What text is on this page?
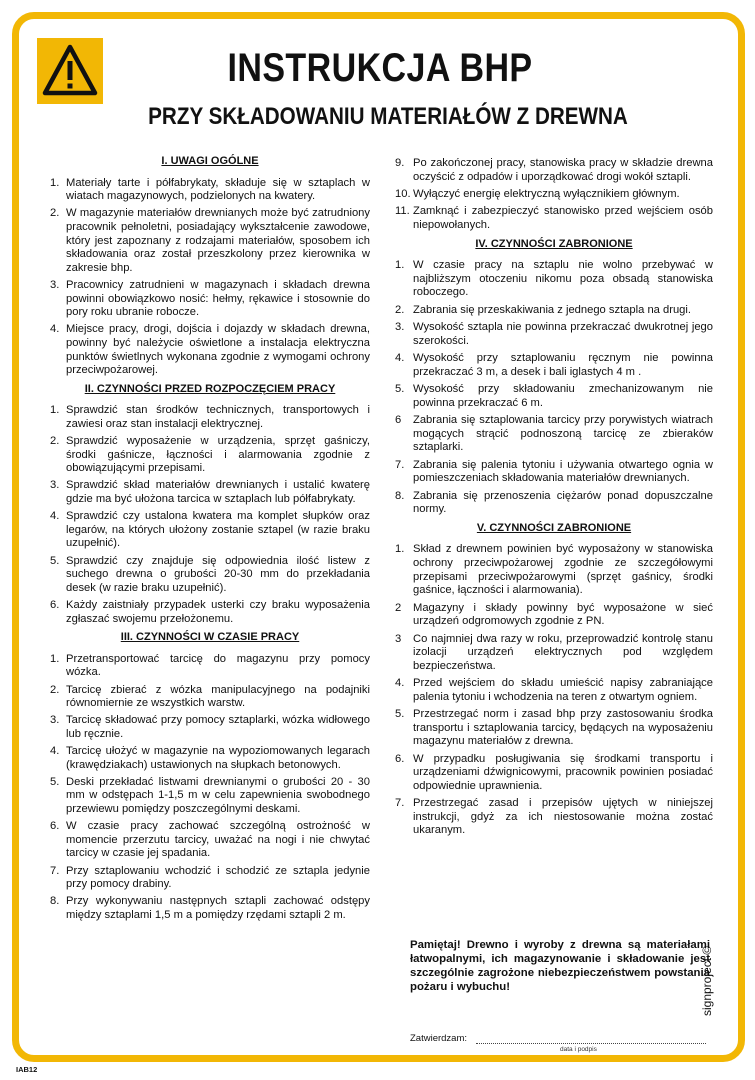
INSTRUKCJA BHP
PRZY SKŁADOWANIU MATERIAŁÓW Z DREWNA
I. UWAGI OGÓLNE
1. Materiały tarte i półfabrykaty, składuje się w sztaplach w wiatach magazynowych, podzielonych na kwatery.
2. W magazynie materiałów drewnianych może być zatrudniony pracownik pełnoletni, posiadający wykształcenie zawodowe, który jest zapoznany z rodzajami materiałów, sposobem ich składowania oraz został przeszkolony przez kierownika w zakresie bhp.
3. Pracownicy zatrudnieni w magazynach i składach drewna powinni obowiązkowo nosić: hełmy, rękawice i stosownie do pory roku ubranie robocze.
4. Miejsce pracy, drogi, dojścia i dojazdy w składach drewna, powinny być należycie oświetlone a instalacja elektryczna punktów świetlnych wykonana zgodnie z wymogami ochrony przeciwpożarowej.
II. CZYNNOŚCI PRZED ROZPOCZĘCIEM PRACY
1. Sprawdzić stan środków technicznych, transportowych i zawiesi oraz stan instalacji elektrycznej.
2. Sprawdzić wyposażenie w urządzenia, sprzęt gaśniczy, środki gaśnicze, łączności i alarmowania zgodnie z obowiązującymi przepisami.
3. Sprawdzić skład materiałów drewnianych i ustalić kwaterę gdzie ma być ułożona tarcica w sztaplach lub półfabrykaty.
4. Sprawdzić czy ustalona kwatera ma komplet słupków oraz legarów, na których ułożony zostanie sztapel (w razie braku uzupełnić).
5. Sprawdzić czy znajduje się odpowiednia ilość listew z suchego drewna o grubości 20-30 mm do przekładania desek (w razie braku uzupełnić).
6. Każdy zaistniały przypadek usterki czy braku wyposażenia zgłaszać swojemu przełożonemu.
III. CZYNNOŚCI W CZASIE PRACY
1. Przetransportować tarcicę do magazynu przy pomocy wózka.
2. Tarcicę zbierać z wózka manipulacyjnego na podajniki równomiernie ze wszystkich warstw.
3. Tarcicę składować przy pomocy sztaplarki, wózka widłowego lub ręcznie.
4. Tarcicę ułożyć w magazynie na wypoziomowanych legarach (krawędziakach) ustawionych na słupkach betonowych.
5. Deski przekładać listwami drewnianymi o grubości 20 - 30 mm w odstępach 1-1,5 m w celu zapewnienia swobodnego przewiewu pomiędzy poszczególnymi deskami.
6. W czasie pracy zachować szczególną ostrożność w momencie przerzutu tarcicy, uważać na nogi i nie chwytać tarcicy w czasie jej spadania.
7. Przy sztaplowaniu wchodzić i schodzić ze sztapla jedynie przy pomocy drabiny.
8. Przy wykonywaniu następnych sztapli zachować odstępy między sztaplami 1,5 m a pomiędzy rzędami sztapli 2 m.
9. Po zakończonej pracy, stanowiska pracy w składzie drewna oczyścić z odpadów i uporządkować drogi wokół sztapli.
10. Wyłączyć energię elektryczną wyłącznikiem głównym.
11. Zamknąć i zabezpieczyć stanowisko przed wejściem osób niepowołanych.
IV. CZYNNOŚCI ZABRONIONE
1. W czasie pracy na sztaplu nie wolno przebywać w najbliższym otoczeniu nikomu poza obsadą stanowiska roboczego.
2. Zabrania się przeskakiwania z jednego sztapla na drugi.
3. Wysokość sztapla nie powinna przekraczać dwukrotnej jego szerokości.
4. Wysokość przy sztaplowaniu ręcznym nie powinna przekraczać 3 m, a desek i bali iglastych 4 m .
5. Wysokość przy składowaniu zmechanizowanym nie powinna przekraczać 6 m.
6 Zabrania się sztaplowania tarcicy przy porywistych wiatrach mogących strącić podnoszoną tarcicę ze zbieraków sztaplarki.
7. Zabrania się palenia tytoniu i używania otwartego ognia w pomieszczeniach składowania materiałów drewnianych.
8. Zabrania się przenoszenia ciężarów ponad dopuszczalne normy.
V. CZYNNOŚCI ZABRONIONE
1. Skład z drewnem powinien być wyposażony w stanowiska ochrony przeciwpożarowej zgodnie ze szczegółowymi przepisami przeciwpożarowymi (sprzęt gaśnicy, środki gaśnice, łączności i alarmowania).
2 Magazyny i składy powinny być wyposażone w sieć urządzeń odgromowych zgodnie z PN.
3 Co najmniej dwa razy w roku, przeprowadzić kontrolę stanu izolacji urządzeń elektrycznych pod względem bezpieczeństwa.
4. Przed wejściem do składu umieścić napisy zabraniające palenia tytoniu i wchodzenia na teren z otwartym ogniem.
5. Przestrzegać norm i zasad bhp przy zastosowaniu środka transportu i sztaplowania tarcicy, będących na wyposażeniu magazynu materiałów z drewna.
6. W przypadku posługiwania się środkami transportu i urządzeniami dźwignicowymi, pracownik powinien posiadać odpowiednie uprawnienia.
7. Przestrzegać zasad i przepisów ujętych w niniejszej instrukcji, gdyż za ich niestosowanie można zostać ukaranym.
Pamiętaj! Drewno i wyroby z drewna są materiałami łatwopalnymi, ich magazynowanie i składowanie jest szczególnie zagrożone niebezpieczeństwem powstania pożaru i wybuchu!	signproject ©
Zatwierdzam:
data i podpis
IAB12
